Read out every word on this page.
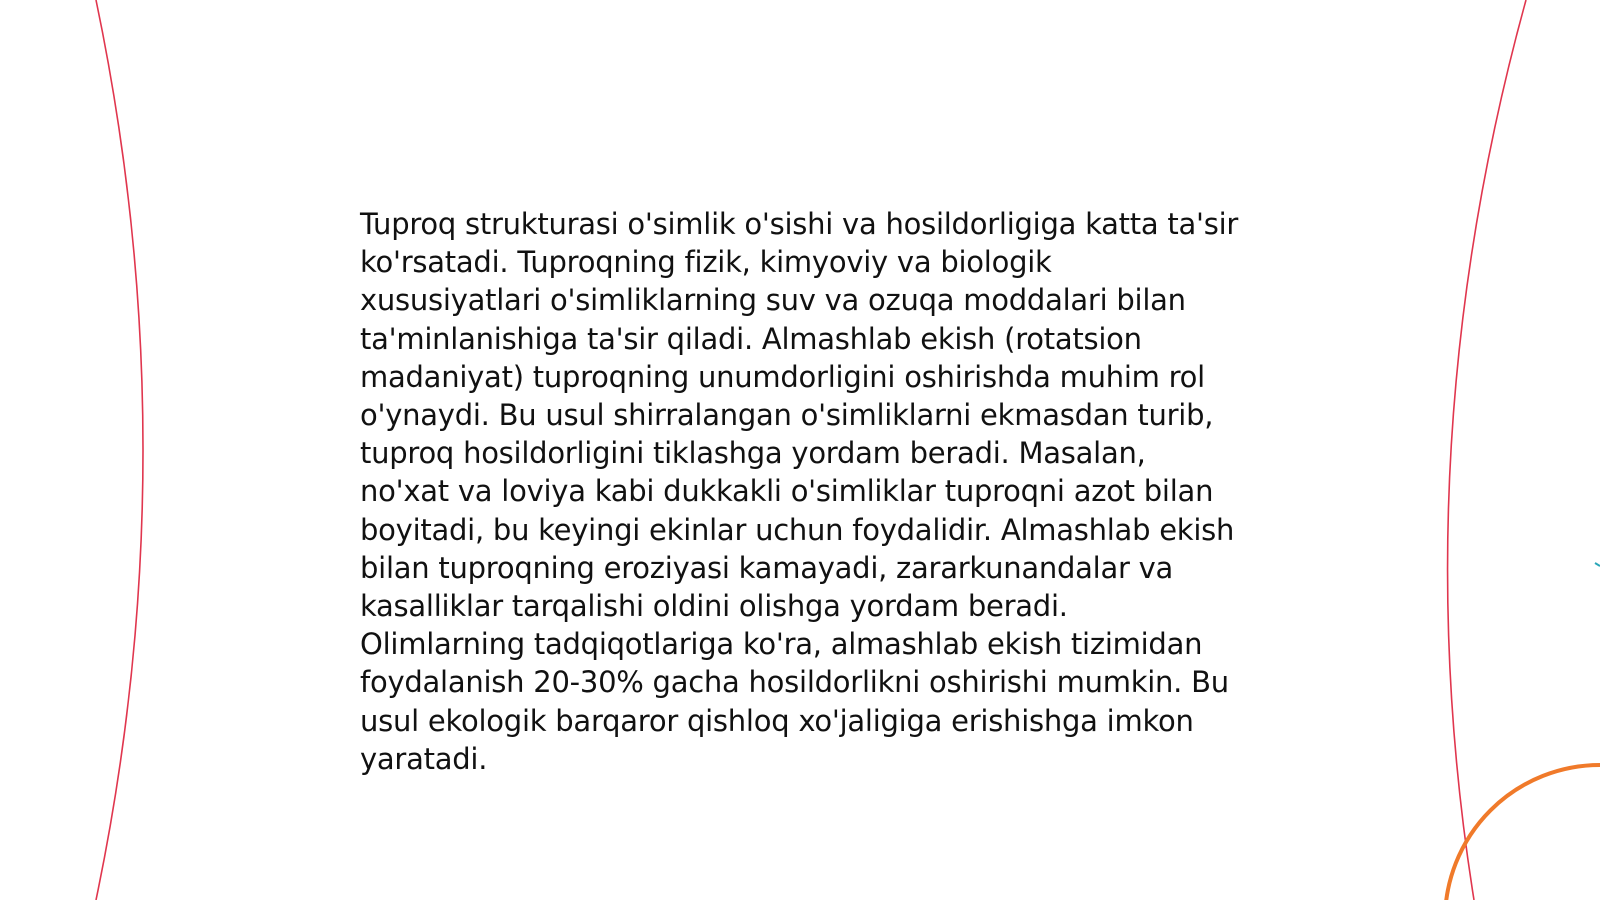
Tuproq strukturasi o'simlik o'sishi va hosildorligiga katta ta'sir ko'rsatadi. Tuproqning fizik, kimyoviy va biologik xususiyatlari o'simliklarning suv va ozuqa moddalari bilan ta'minlanishiga ta'sir qiladi. Almashlab ekish (rotatsion madaniyat) tuproqning unumdorligini oshirishda muhim rol o'ynaydi. Bu usul shirralangan o'simliklarni ekmasdan turib, tuproq hosildorligini tiklashga yordam beradi. Masalan, no'xat va loviya kabi dukkakli o'simliklar tuproqni azot bilan boyitadi, bu keyingi ekinlar uchun foydalidir. Almashlab ekish bilan tuproqning eroziyasi kamayadi, zararkunandalar va kasalliklar tarqalishi oldini olishga yordam beradi. Olimlarning tadqiqotlariga ko'ra, almashlab ekish tizimidan foydalanish 20-30% gacha hosildorlikni oshirishi mumkin. Bu usul ekologik barqaror qishloq xo'jaligiga erishishga imkon yaratadi.
